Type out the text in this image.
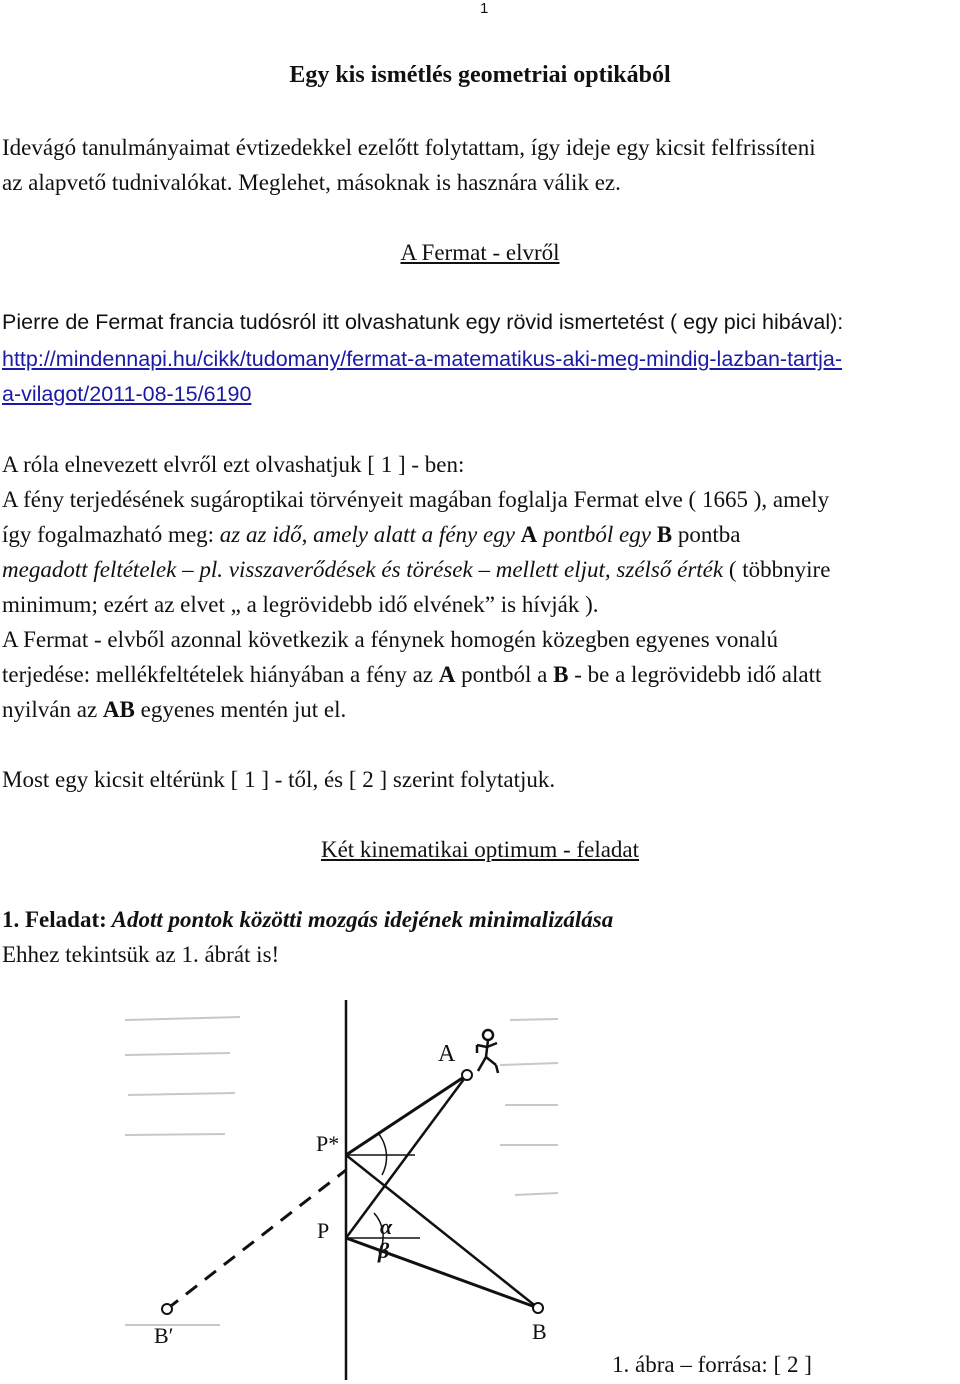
1
Egy kis ismétlés geometriai optikából
Idevágó tanulmányaimat évtizedekkel ezelőtt folytattam, így ideje egy kicsit felfrissíteni
az alapvető tudnivalókat. Meglehet, másoknak is hasznára válik ez.
A Fermat - elvről
Pierre de Fermat francia tudósról itt olvashatunk egy rövid ismertetést ( egy pici hibával):
http://mindennapi.hu/cikk/tudomany/fermat-a-matematikus-aki-meg-mindig-lazban-tartja-
a-vilagot/2011-08-15/6190
A róla elnevezett elvről ezt olvashatjuk [ 1 ] - ben:
A fény terjedésének sugároptikai törvényeit magában foglalja Fermat elve ( 1665 ), amely
így fogalmazható meg: az az idő, amely alatt a fény egy A pontból egy B pontba
megadott feltételek – pl. visszaverődések és törések – mellett eljut, szélső érték ( többnyire
minimum; ezért az elvet „ a legrövidebb idő elvének” is hívják ).
A Fermat - elvből azonnal következik a fénynek homogén közegben egyenes vonalú
terjedése: mellékfeltételek hiányában a fény az A pontból a B - be a legrövidebb idő alatt
nyilván az AB egyenes mentén jut el.
Most egy kicsit eltérünk [ 1 ] - től, és [ 2 ] szerint folytatjuk.
Két kinematikai optimum - feladat
1. Feladat: Adott pontok közötti mozgás idejének minimalizálása
Ehhez tekintsük az 1. ábrát is!
A
P*
P α
β
B′	B
1. ábra – forrása: [ 2 ]
